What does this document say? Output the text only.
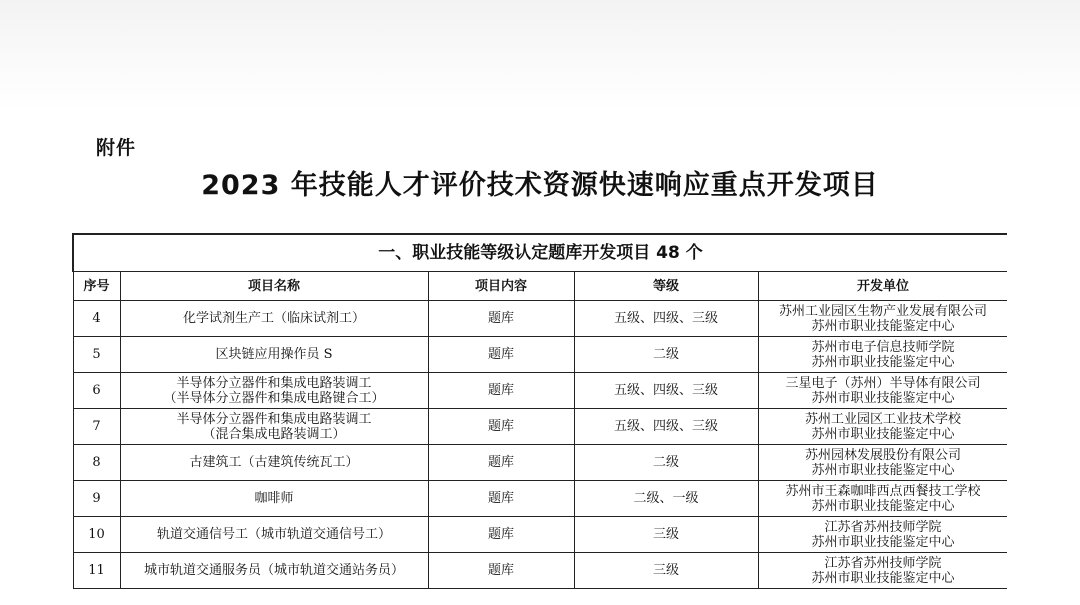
附件
2023 年技能人才评价技术资源快速响应重点开发项目
一、职业技能等级认定题库开发项目 48 个				
序号	项目名称	项目内容	等级	开发单位
4	化学试剂生产工（临床试剂工）	题库	五级、四级、三级	苏州工业园区生物产业发展有限公司
苏州市职业技能鉴定中心

5	区块链应用操作员 S	题库	二级	苏州市电子信息技师学院
苏州市职业技能鉴定中心

6	半导体分立器件和集成电路装调工
（半导体分立器件和集成电路键合工）	题库	五级、四级、三级	三星电子（苏州）半导体有限公司
苏州市职业技能鉴定中心

7	半导体分立器件和集成电路装调工
（混合集成电路装调工）	题库	五级、四级、三级	苏州工业园区工业技术学校
苏州市职业技能鉴定中心

8	古建筑工（古建筑传统瓦工）	题库	二级	苏州园林发展股份有限公司
苏州市职业技能鉴定中心

9	咖啡师	题库	二级、一级	苏州市王森咖啡西点西餐技工学校
苏州市职业技能鉴定中心

10	轨道交通信号工（城市轨道交通信号工）	题库	三级	江苏省苏州技师学院
苏州市职业技能鉴定中心

11	城市轨道交通服务员（城市轨道交通站务员）	题库	三级	江苏省苏州技师学院
苏州市职业技能鉴定中心
